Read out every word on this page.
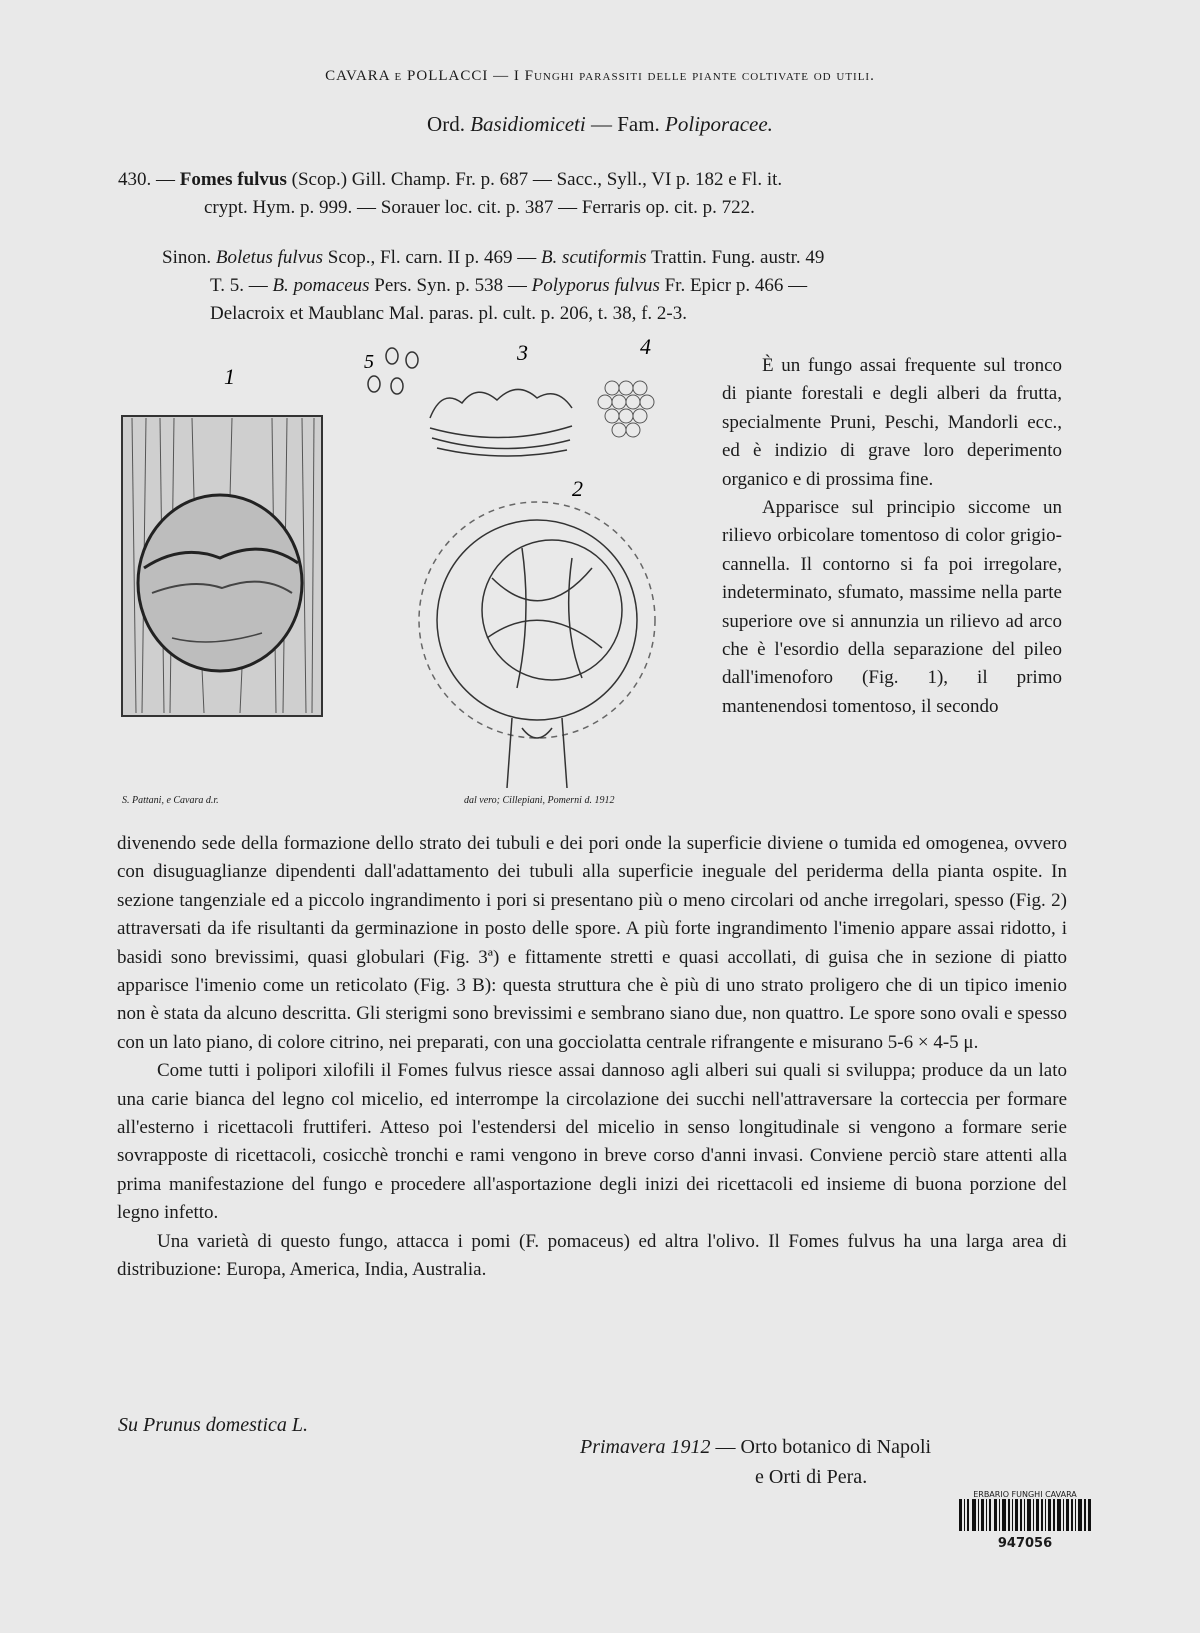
CAVARA e POLLACCI — I Funghi parassiti delle piante coltivate od utili.
Ord. Basidiomiceti — Fam. Poliporacee.
430. — Fomes fulvus (Scop.) Gill. Champ. Fr. p. 687 — Sacc., Syll., VI p. 182 e Fl. it.
crypt. Hym. p. 999. — Sorauer loc. cit. p. 387 — Ferraris op. cit. p. 722.
Sinon. Boletus fulvus Scop., Fl. carn. II p. 469 — B. scutiformis Trattin. Fung. austr. 49
T. 5. — B. pomaceus Pers. Syn. p. 538 — Polyporus fulvus Fr. Epicr p. 466 —
Delacroix et Maublanc Mal. paras. pl. cult. p. 206, t. 38, f. 2-3.
1
5	3	4
2
S. Pattani, e Cavara d.r.	dal vero; Cillepiani, Pomerni d. 1912

È un fungo assai frequente sul tronco di piante forestali e degli alberi da frutta, specialmente Pruni, Peschi, Mandorli ecc., ed è indizio di grave loro deperimento organico e di prossima fine.

Apparisce sul principio siccome un rilievo orbicolare tomentoso di color grigio-cannella. Il contorno si fa poi irregolare, indeterminato, sfumato, massime nella parte superiore ove si annunzia un rilievo ad arco che è l'esordio della separazione del pileo dall'imenoforo (Fig. 1), il primo mantenendosi tomentoso, il secondo

divenendo sede della formazione dello strato dei tubuli e dei pori onde la superficie diviene o tumida ed omogenea, ovvero con disuguaglianze dipendenti dall'adattamento dei tubuli alla superficie ineguale del periderma della pianta ospite. In sezione tangenziale ed a piccolo ingrandimento i pori si presentano più o meno circolari od anche irregolari, spesso (Fig. 2) attraversati da ife risultanti da germinazione in posto delle spore. A più forte ingrandimento l'imenio appare assai ridotto, i basidi sono brevissimi, quasi globulari (Fig. 3ª) e fittamente stretti e quasi accollati, di guisa che in sezione di piatto apparisce l'imenio come un reticolato (Fig. 3 B): questa struttura che è più di uno strato proligero che di un tipico imenio non è stata da alcuno descritta. Gli sterigmi sono brevissimi e sembrano siano due, non quattro. Le spore sono ovali e spesso con un lato piano, di colore citrino, nei preparati, con una gocciolatta centrale rifrangente e misurano 5-6 × 4-5 μ.

Come tutti i polipori xilofili il Fomes fulvus riesce assai dannoso agli alberi sui quali si sviluppa; produce da un lato una carie bianca del legno col micelio, ed interrompe la circolazione dei succhi nell'attraversare la corteccia per formare all'esterno i ricettacoli fruttiferi. Atteso poi l'estendersi del micelio in senso longitudinale si vengono a formare serie sovrapposte di ricettacoli, cosicchè tronchi e rami vengono in breve corso d'anni invasi. Conviene perciò stare attenti alla prima manifestazione del fungo e procedere all'asportazione degli inizi dei ricettacoli ed insieme di buona porzione del legno infetto.

Una varietà di questo fungo, attacca i pomi (F. pomaceus) ed altra l'olivo. Il Fomes fulvus ha una larga area di distribuzione: Europa, America, India, Australia.

Su Prunus domestica L.
Primavera 1912 — Orto botanico di Napoli
e Orti di Pera.
ERBARIO FUNGHI CAVARA
947056
